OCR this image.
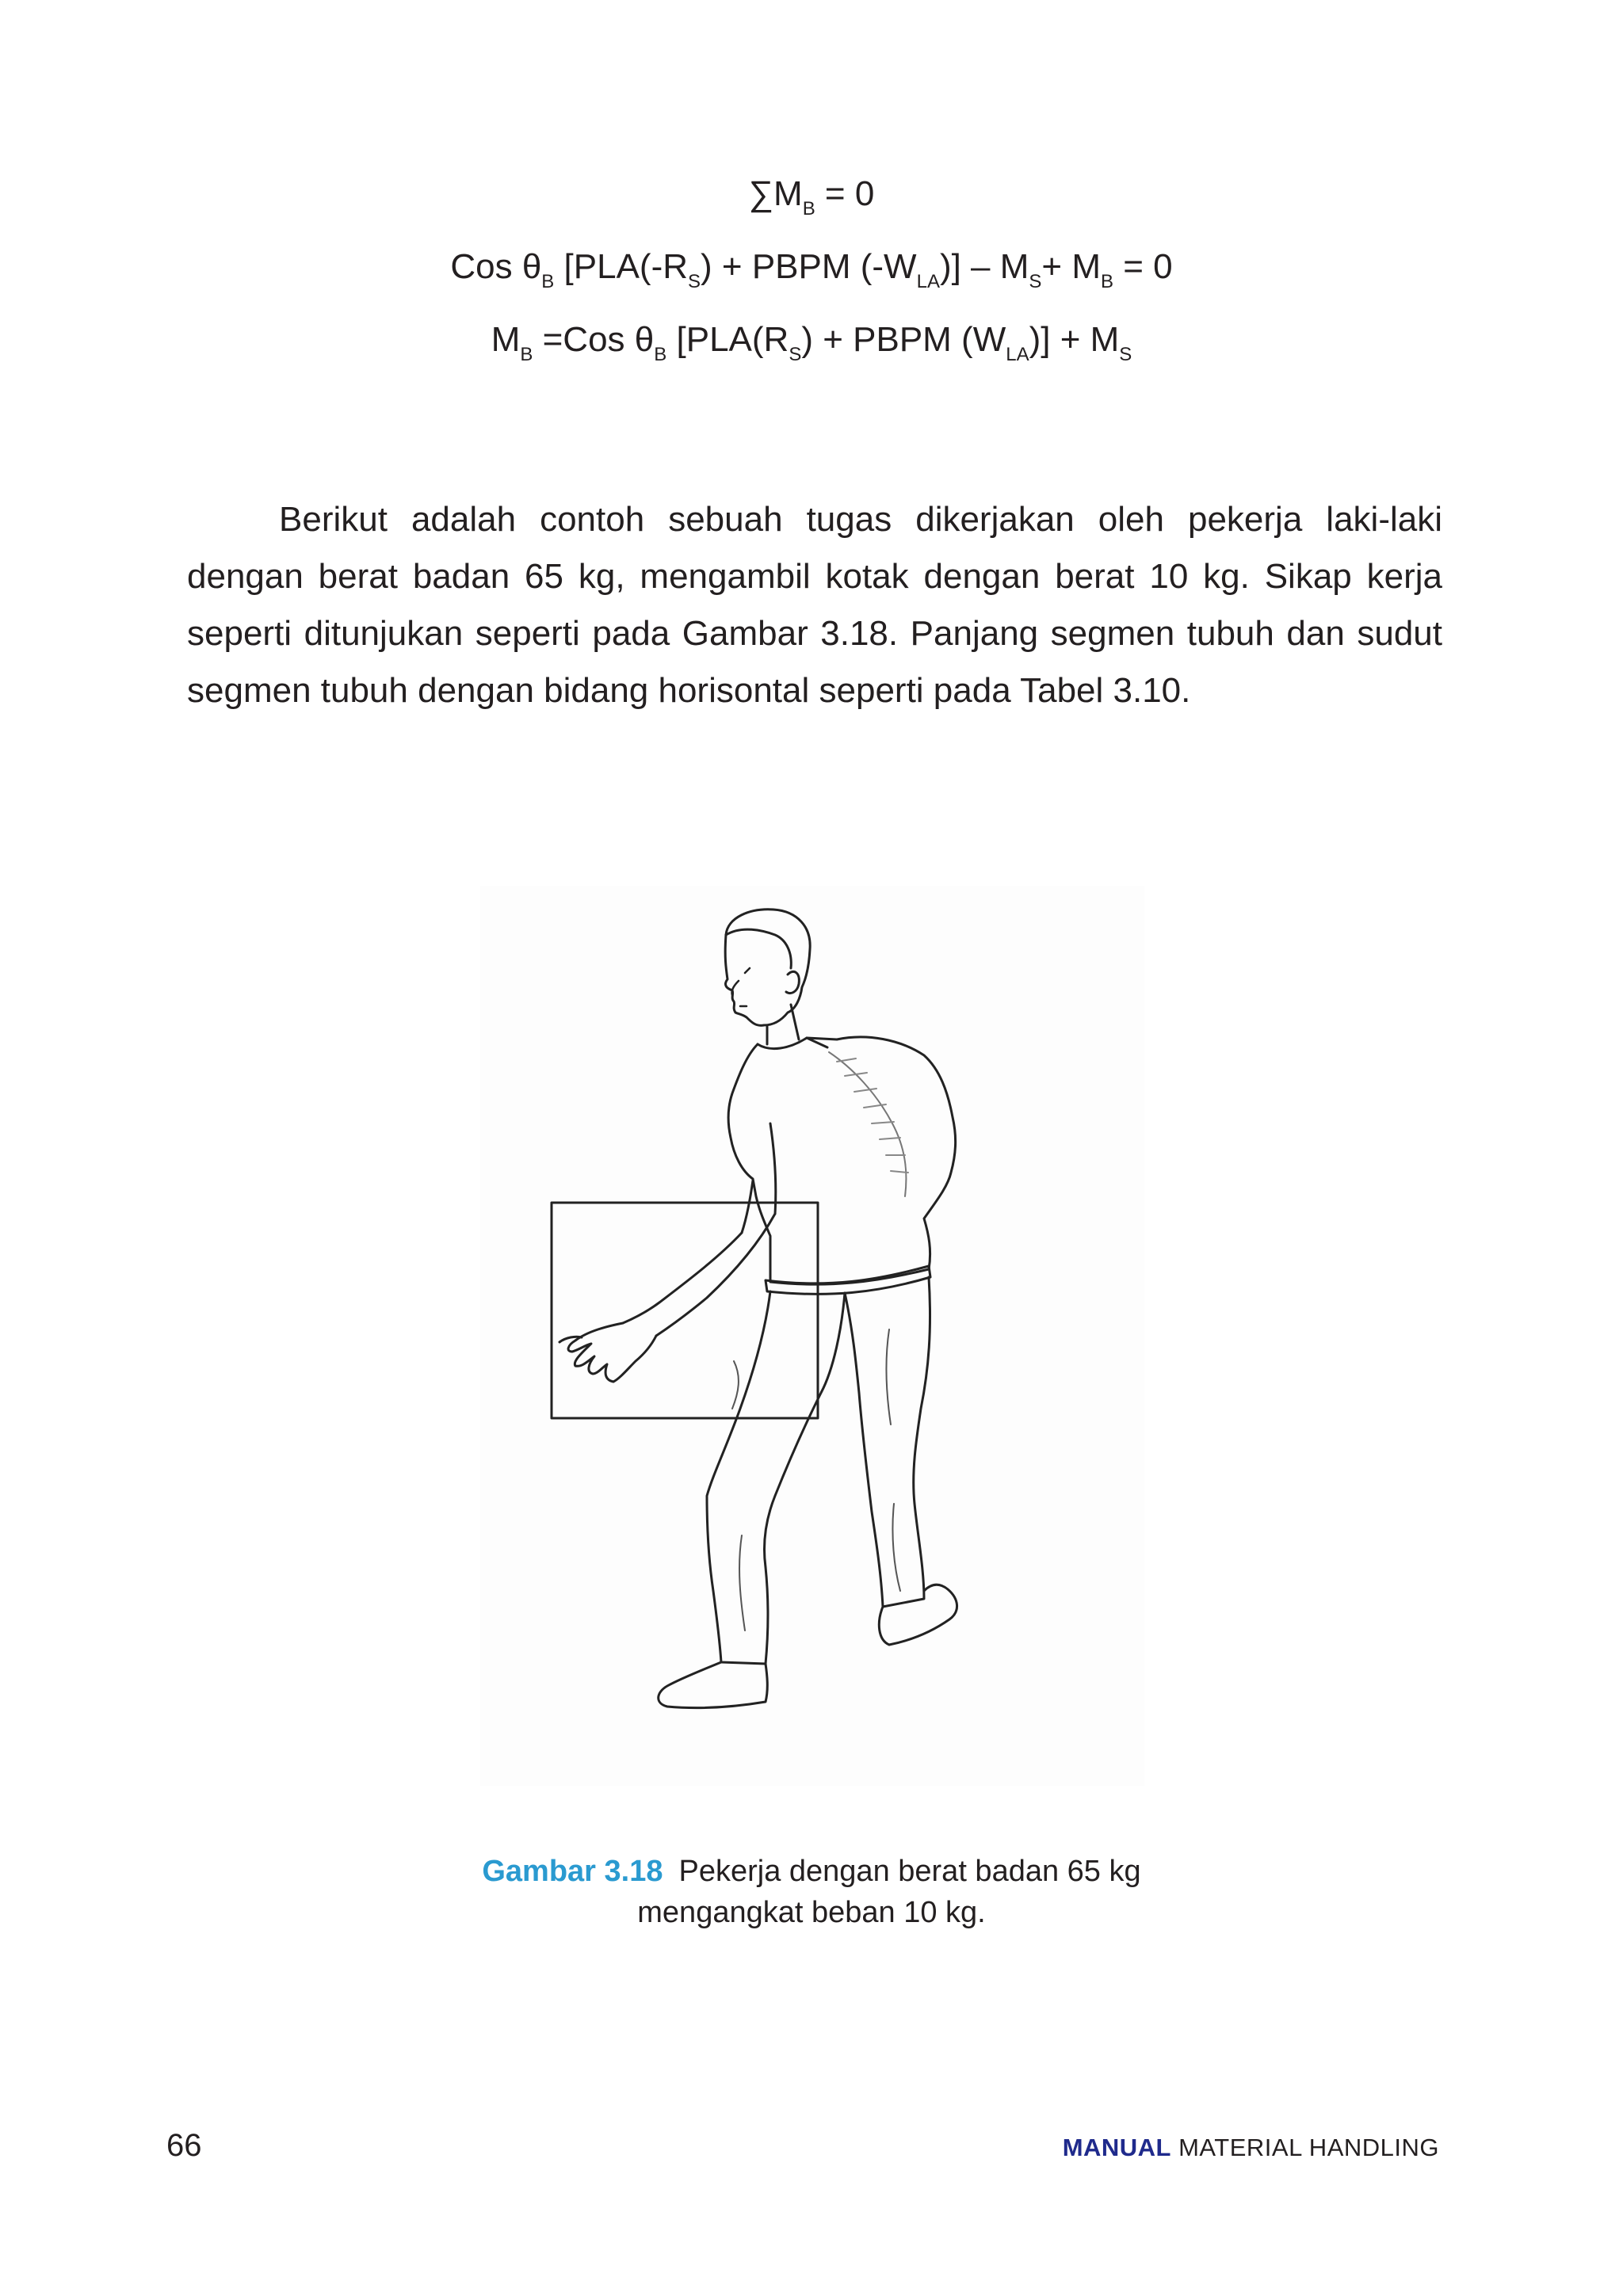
$\sum M_B = 0$
Cos $\theta_B$ [$PLA(-R_S)$ + PBPM $(-W_{LA})] - M_S+ M_B = 0$
$M_B =Cos$ $\theta_B$ [$PLA(R_S)$ + PBPM $(W_{LA})] + M_S$

Berikut adalah contoh sebuah tugas dikerjakan oleh pekerja laki-laki dengan berat badan 65 kg, mengambil kotak dengan berat 10 kg. Sikap kerja seperti ditunjukan seperti pada Gambar 3.18. Panjang segmen tubuh dan sudut segmen tubuh dengan bidang horisontal seperti pada Tabel 3.10.

Gambar 3.18 Pekerja dengan berat badan 65 kg
mengangkat beban 10 kg.
66	MANUAL MATERIAL HANDLING
